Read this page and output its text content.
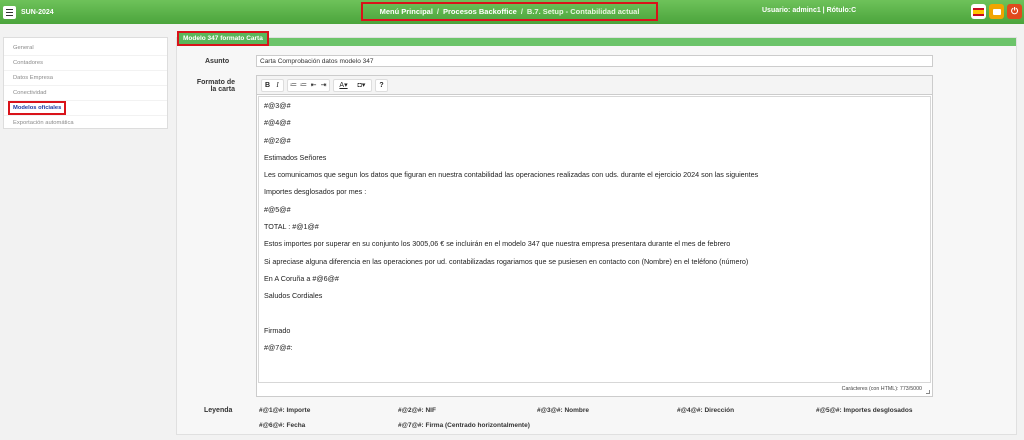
SUN-2024	Menú Principal / Procesos Backoffice / B.7. Setup - Contabilidad actual	Usuario: adminc1 | Rótulo:C	⏻
General
Contadores
Datos Empresa
Conectividad
Modelos oficiales
Exportación automática
Modelo 347 formato Carta
Asunto
Carta Comprobación datos modelo 347
Formato de
la carta
B I	≔ ≔ ⇤ ⇥	A▾	◘▾	?
#@3@#
#@4@#
#@2@#
Estimados Señores
Les comunicamos que segun los datos que figuran en nuestra contabilidad las operaciones realizadas con uds. durante el ejercicio 2024 son las siguientes
Importes desglosados por mes :
#@5@#
TOTAL : #@1@#
Estos importes por superar en su conjunto los 3005,06 € se incluirán en el modelo 347 que nuestra empresa presentara durante el mes de febrero
Si apreciase alguna diferencia en las operaciones por ud. contabilizadas rogariamos que se pusiesen en contacto con (Nombre) en el teléfono (número)
En A Coruña a #@6@#
Saludos Cordiales
Firmado
#@7@#:
Carácteres (con HTML): 773/5000
Leyenda	#@1@#: Importe	#@2@#: NIF	#@3@#: Nombre	#@4@#: Dirección	#@5@#: Importes desglosados
#@6@#: Fecha	#@7@#: Firma (Centrado horizontalmente)
